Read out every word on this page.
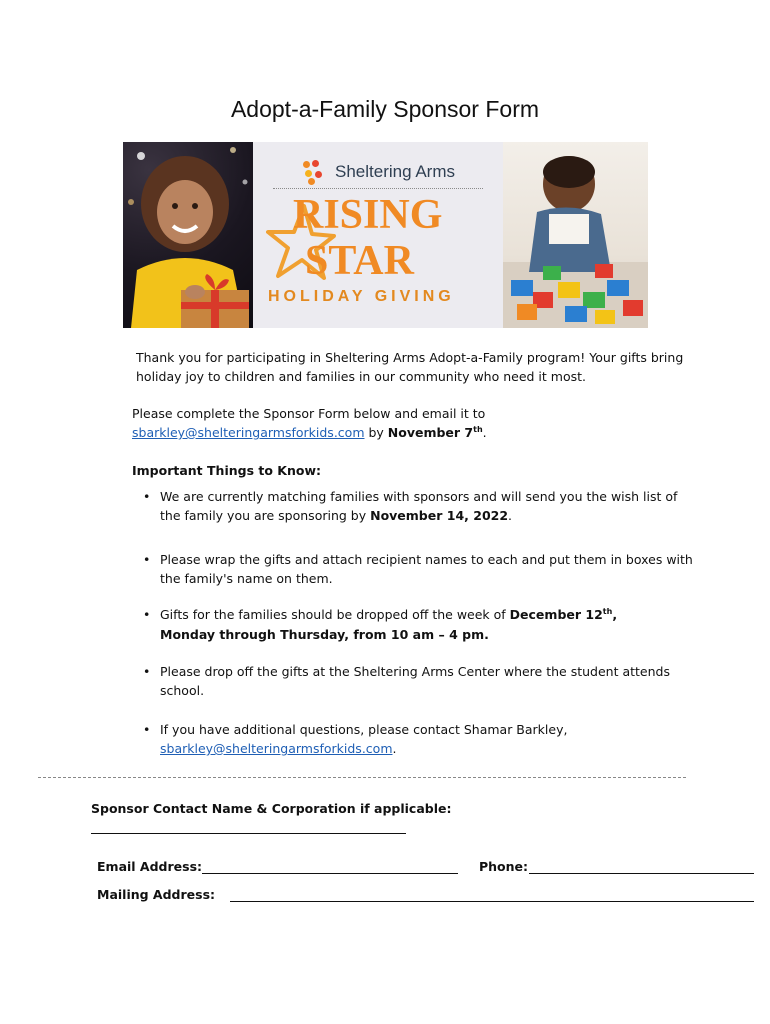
Adopt-a-Family Sponsor Form
Sheltering Arms
RISING
STAR
HOLIDAY GIVING
Thank you for participating in Sheltering Arms Adopt-a-Family program! Your gifts bring
holiday joy to children and families in our community who need it most.
Please complete the Sponsor Form below and email it to
sbarkley@shelteringarmsforkids.com by November 7th.
Important Things to Know:
• We are currently matching families with sponsors and will send you the wish list of
the family you are sponsoring by November 14, 2022.
• Please wrap the gifts and attach recipient names to each and put them in boxes with
the family's name on them.
• Gifts for the families should be dropped off the week of December 12th,
Monday through Thursday, from 10 am – 4 pm.
• Please drop off the gifts at the Sheltering Arms Center where the student attends
school.
• If you have additional questions, please contact Shamar Barkley,
sbarkley@shelteringarmsforkids.com.
Sponsor Contact Name & Corporation if applicable:
Email Address:	Phone:
Mailing Address:
